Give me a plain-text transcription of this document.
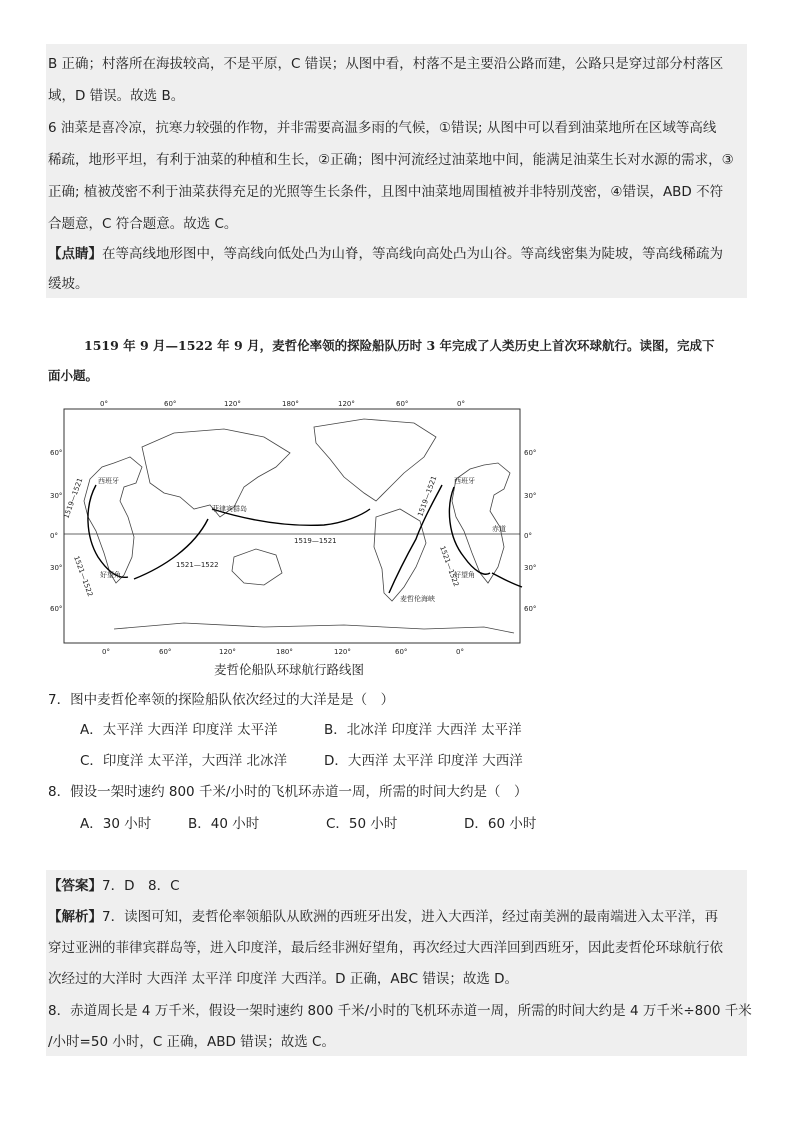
B 正确；村落所在海拔较高，不是平原，C 错误；从图中看，村落不是主要沿公路而建，公路只是穿过部分村落区
域，D 错误。故选 B。
6 油菜是喜冷凉，抗寒力较强的作物，并非需要高温多雨的气候，①错误; 从图中可以看到油菜地所在区域等高线
稀疏，地形平坦，有利于油菜的种植和生长，②正确；图中河流经过油菜地中间，能满足油菜生长对水源的需求，③
正确; 植被茂密不利于油菜获得充足的光照等生长条件，且图中油菜地周围植被并非特别茂密，④错误，ABD 不符
合题意，C 符合题意。故选 C。
【点睛】在等高线地形图中，等高线向低处凸为山脊，等高线向高处凸为山谷。等高线密集为陡坡，等高线稀疏为
缓坡。
1519 年 9 月—1522 年 9 月，麦哲伦率领的探险船队历时 3 年完成了人类历史上首次环球航行。读图，完成下
面小题。
0°	60°	120°	180°	120°	60°	0°
0°	60°	120°	180°	120°	60°	0°
60°
30°
0°
30°
60°
60°
30°
0°
30°
60°
西班牙	西班牙
菲律宾群岛
赤道
好望角	好望角
麦哲伦海峡
1519—1521
1521—1522
1519—1521
1521—1522
1519—1521
1521—1522
麦哲伦船队环球航行路线图
7．图中麦哲伦率领的探险船队依次经过的大洋是是（　）
A．太平洋 大西洋 印度洋 太平洋	B．北冰洋 印度洋 大西洋 太平洋
C．印度洋 太平洋，大西洋 北冰洋	D．大西洋 太平洋 印度洋 大西洋
8．假设一架时速约 800 千米/小时的飞机环赤道一周，所需的时间大约是（　）
A．30 小时	B．40 小时	C．50 小时	D．60 小时
【答案】7．D　8．C
【解析】7．读图可知，麦哲伦率领船队从欧洲的西班牙出发，进入大西洋，经过南美洲的最南端进入太平洋，再
穿过亚洲的菲律宾群岛等，进入印度洋，最后经非洲好望角，再次经过大西洋回到西班牙，因此麦哲伦环球航行依
次经过的大洋时 大西洋 太平洋 印度洋 大西洋。D 正确，ABC 错误；故选 D。
8．赤道周长是 4 万千米，假设一架时速约 800 千米/小时的飞机环赤道一周，所需的时间大约是 4 万千米÷800 千米
/小时=50 小时，C 正确，ABD 错误；故选 C。
